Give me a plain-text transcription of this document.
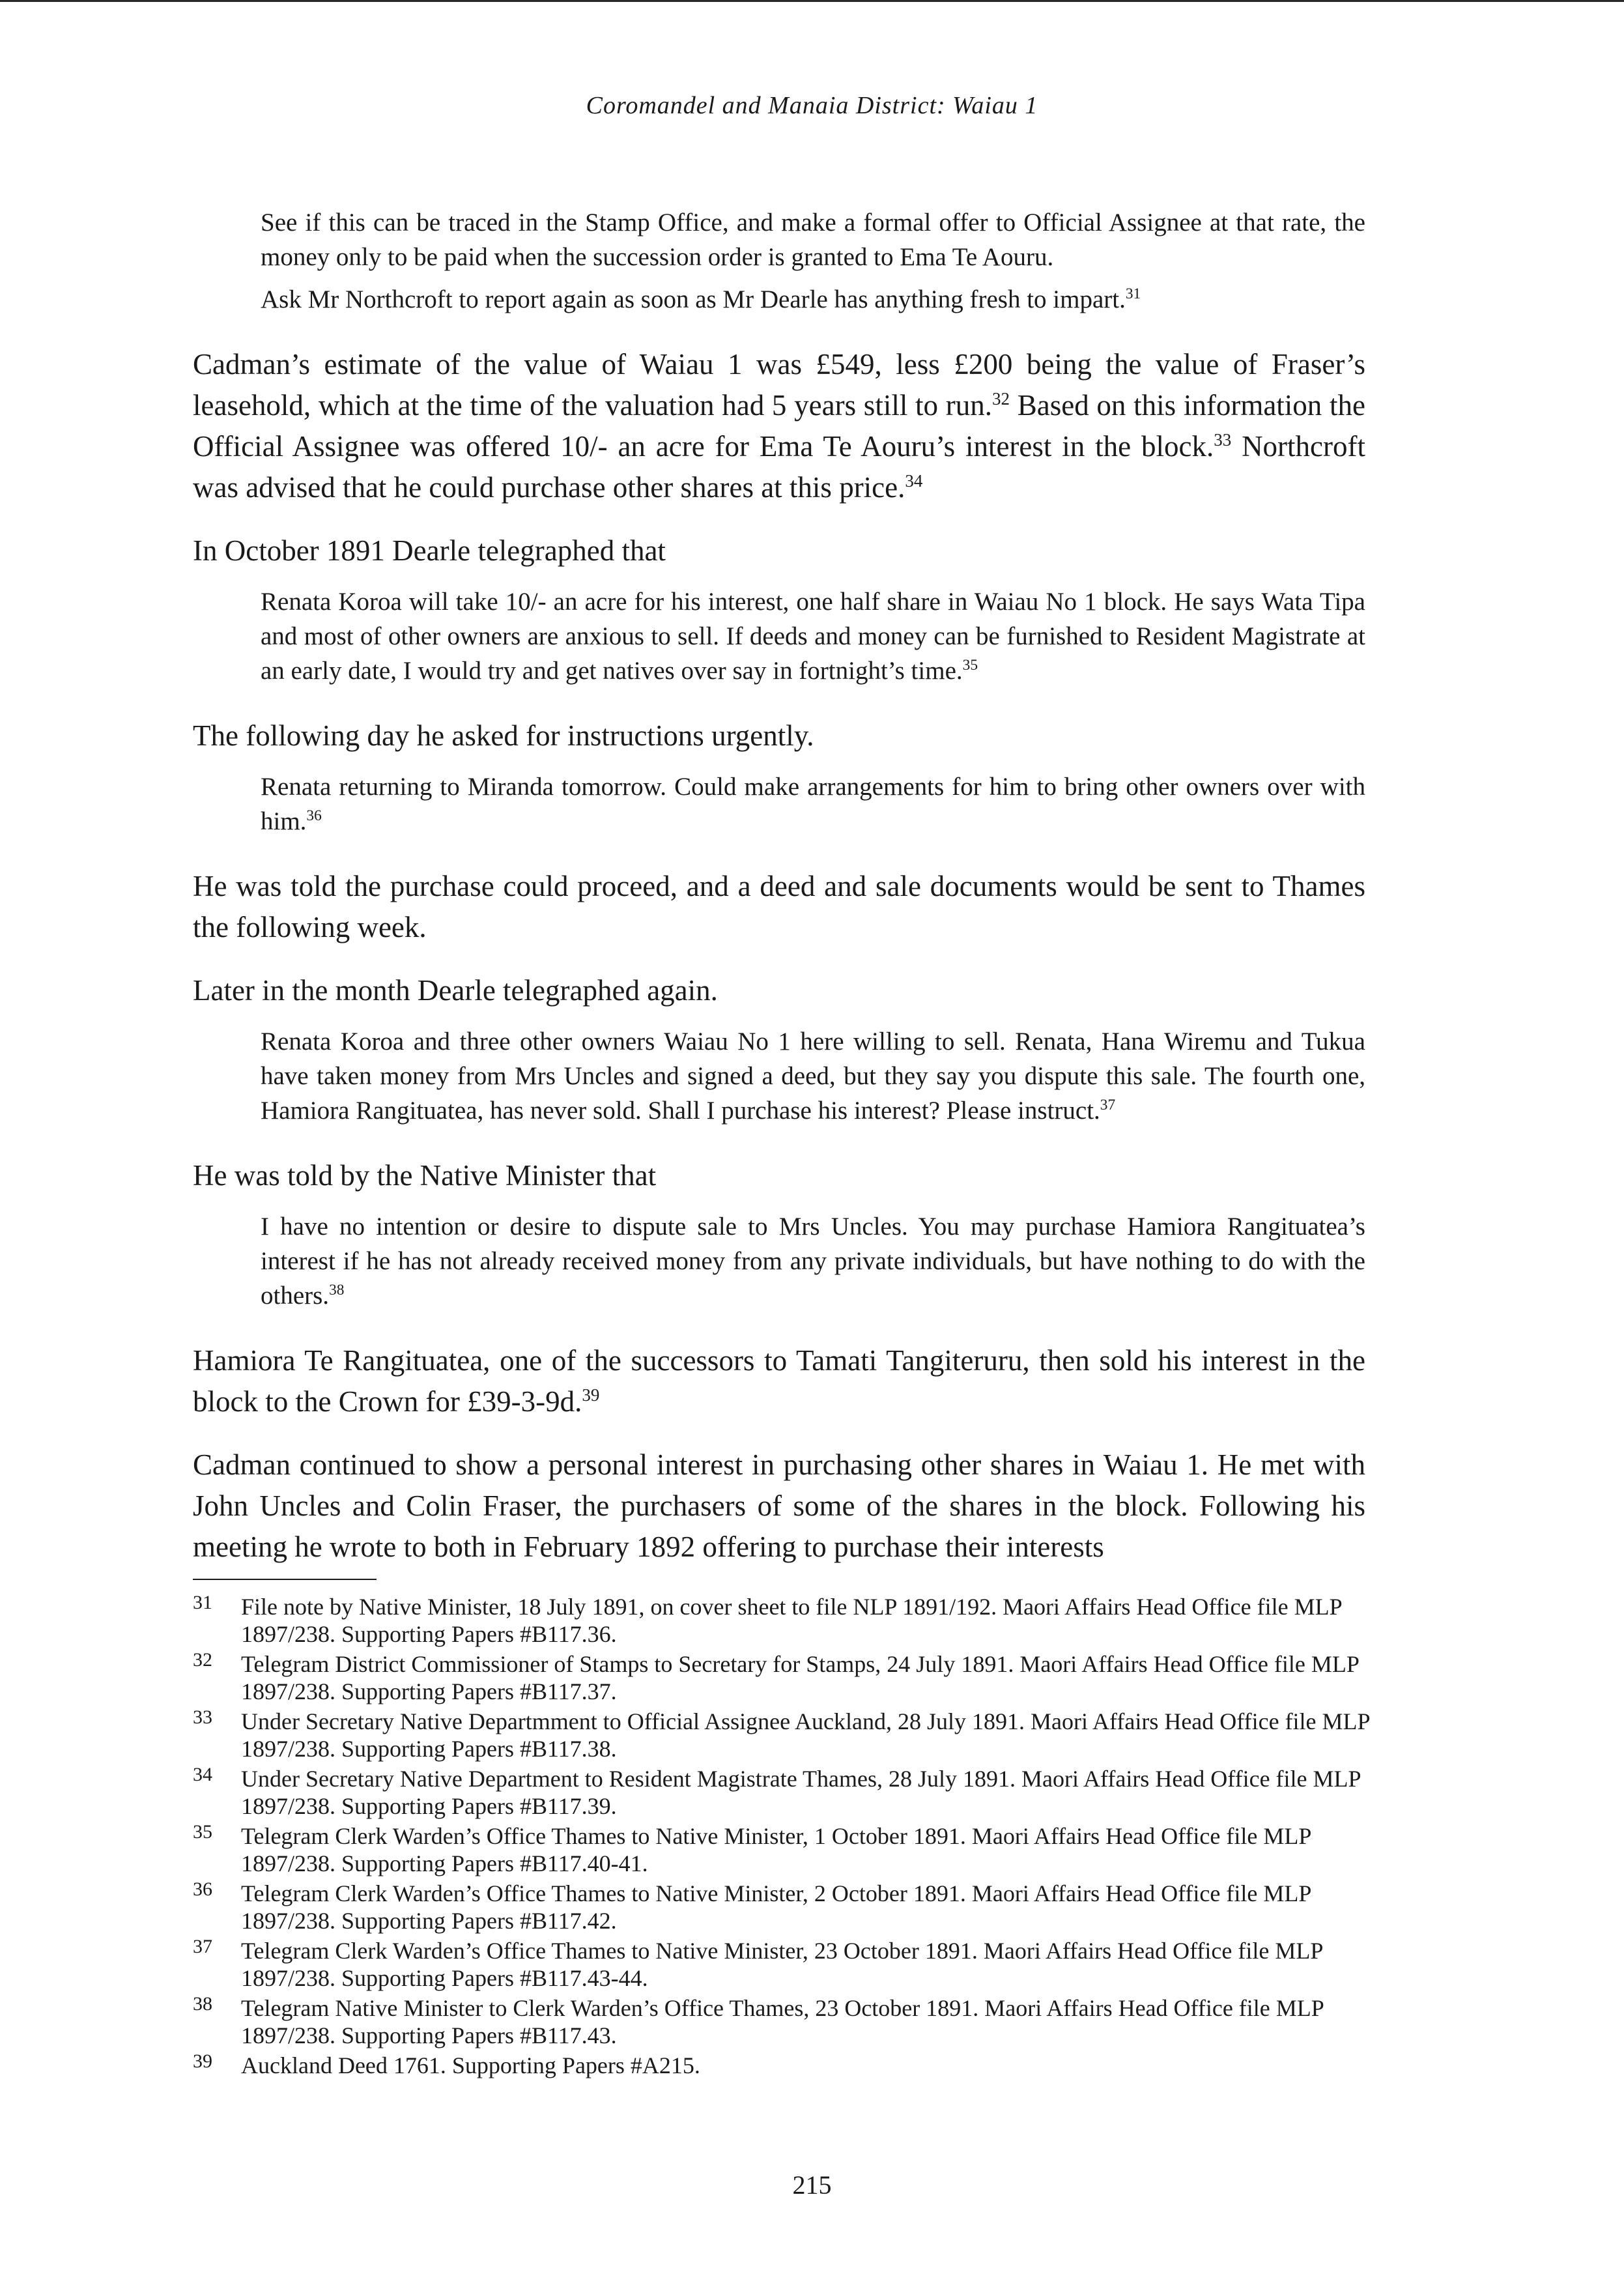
Coromandel and Manaia District: Waiau 1

See if this can be traced in the Stamp Office, and make a formal offer to Official Assignee at that rate, the money only to be paid when the succession order is granted to Ema Te Aouru.

Ask Mr Northcroft to report again as soon as Mr Dearle has anything fresh to impart.$^{31}$

Cadman’s estimate of the value of Waiau 1 was £549, less £200 being the value of Fraser’s leasehold, which at the time of the valuation had 5 years still to run.$^{32}$ Based on this information the Official Assignee was offered 10/- an acre for Ema Te Aouru’s interest in the block.$^{33}$ Northcroft was advised that he could purchase other shares at this price.$^{34}$

In October 1891 Dearle telegraphed that

Renata Koroa will take 10/- an acre for his interest, one half share in Waiau No 1 block. He says Wata Tipa and most of other owners are anxious to sell. If deeds and money can be furnished to Resident Magistrate at an early date, I would try and get natives over say in fortnight’s time.$^{35}$

The following day he asked for instructions urgently.

Renata returning to Miranda tomorrow. Could make arrangements for him to bring other owners over with him.$^{36}$

He was told the purchase could proceed, and a deed and sale documents would be sent to Thames the following week.

Later in the month Dearle telegraphed again.

Renata Koroa and three other owners Waiau No 1 here willing to sell. Renata, Hana Wiremu and Tukua have taken money from Mrs Uncles and signed a deed, but they say you dispute this sale. The fourth one, Hamiora Rangituatea, has never sold. Shall I purchase his interest? Please instruct.$^{37}$

He was told by the Native Minister that

I have no intention or desire to dispute sale to Mrs Uncles. You may purchase Hamiora Rangituatea’s interest if he has not already received money from any private individuals, but have nothing to do with the others.$^{38}$

Hamiora Te Rangituatea, one of the successors to Tamati Tangiteruru, then sold his interest in the block to the Crown for £39-3-9d.$^{39}$

Cadman continued to show a personal interest in purchasing other shares in Waiau 1. He met with John Uncles and Colin Fraser, the purchasers of some of the shares in the block. Following his meeting he wrote to both in February 1892 offering to purchase their interests

31	File note by Native Minister, 18 July 1891, on cover sheet to file NLP 1891/192. Maori Affairs Head Office file MLP 1897/238. Supporting Papers #B117.36.
32	Telegram District Commissioner of Stamps to Secretary for Stamps, 24 July 1891. Maori Affairs Head Office file MLP 1897/238. Supporting Papers #B117.37.
33	Under Secretary Native Departmment to Official Assignee Auckland, 28 July 1891. Maori Affairs Head Office file MLP 1897/238. Supporting Papers #B117.38.
34	Under Secretary Native Department to Resident Magistrate Thames, 28 July 1891. Maori Affairs Head Office file MLP 1897/238. Supporting Papers #B117.39.
35	Telegram Clerk Warden’s Office Thames to Native Minister, 1 October 1891. Maori Affairs Head Office file MLP 1897/238. Supporting Papers #B117.40-41.
36	Telegram Clerk Warden’s Office Thames to Native Minister, 2 October 1891. Maori Affairs Head Office file MLP 1897/238. Supporting Papers #B117.42.
37	Telegram Clerk Warden’s Office Thames to Native Minister, 23 October 1891. Maori Affairs Head Office file MLP 1897/238. Supporting Papers #B117.43-44.
38	Telegram Native Minister to Clerk Warden’s Office Thames, 23 October 1891. Maori Affairs Head Office file MLP 1897/238. Supporting Papers #B117.43.
39	Auckland Deed 1761. Supporting Papers #A215.
215
